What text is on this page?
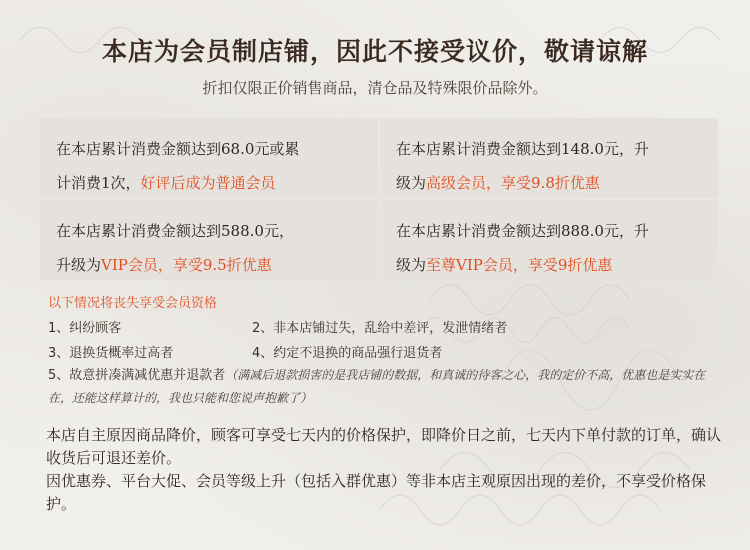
本店为会员制店铺，因此不接受议价，敬请谅解
折扣仅限正价销售商品，清仓品及特殊限价品除外。
在本店累计消费金额达到68.0元或累
计消费1次，好评后成为普通会员
在本店累计消费金额达到148.0元，升
级为高级会员，享受9.8折优惠
在本店累计消费金额达到588.0元，
升级为VIP会员，享受9.5折优惠
在本店累计消费金额达到888.0元，升
级为至尊VIP会员，享受9折优惠
以下情况将丧失享受会员资格
1、纠纷顾客	2、非本店铺过失，乱给中差评，发泄情绪者
3、退换货概率过高者	4、约定不退换的商品强行退货者
5、故意拼凑满减优惠并退款者（满减后退款损害的是我店铺的数据，和真诚的待客之心，我的定价不高，优惠也是实实在在，还能这样算计的，我也只能和您说声抱歉了）
本店自主原因商品降价，顾客可享受七天内的价格保护，即降价日之前，七天内下单付款的订单，确认收货后可退还差价。
因优惠券、平台大促、会员等级上升（包括入群优惠）等非本店主观原因出现的差价，不享受价格保护。
